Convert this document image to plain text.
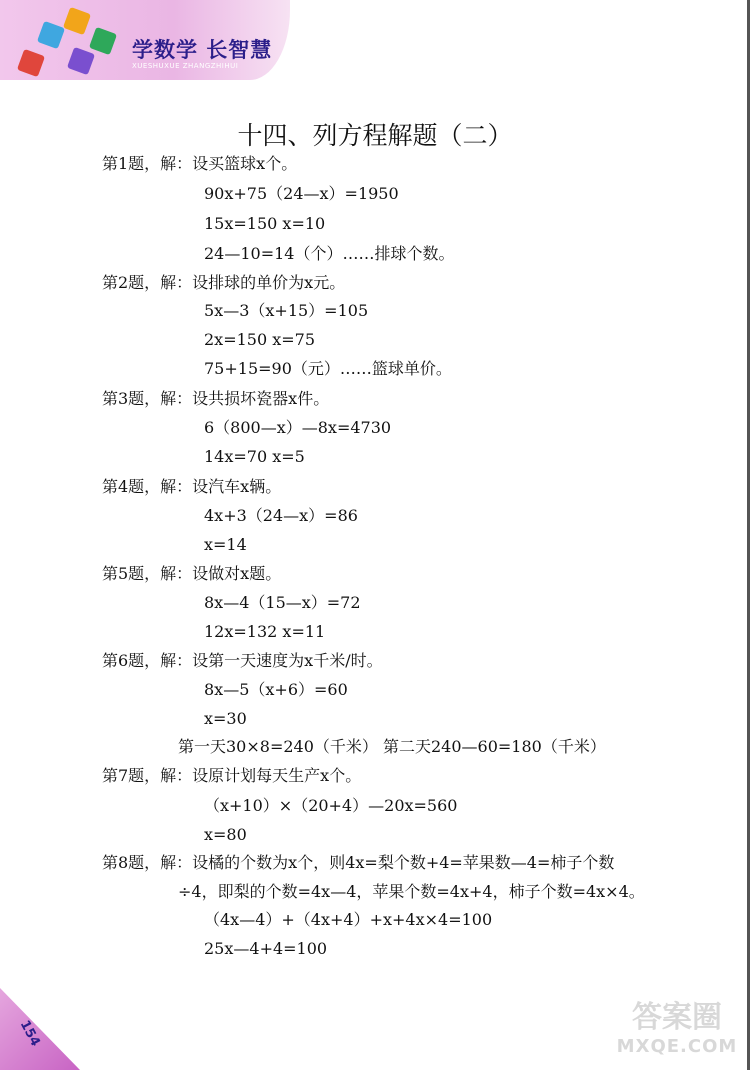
学数学 长智慧
XUESHUXUE ZHANGZHIHUI
十四、列方程解题（二）
第1题，解：设买篮球x个。
90x+75（24—x）=1950
15x=150 x=10
24—10=14（个）……排球个数。
第2题，解：设排球的单价为x元。
5x—3（x+15）=105
2x=150 x=75
75+15=90（元）……篮球单价。
第3题，解：设共损坏瓷器x件。
6（800—x）—8x=4730
14x=70 x=5
第4题，解：设汽车x辆。
4x+3（24—x）=86
x=14
第5题，解：设做对x题。
8x—4（15—x）=72
12x=132 x=11
第6题，解：设第一天速度为x千米/时。
8x—5（x+6）=60
x=30
第一天30×8=240（千米） 第二天240—60=180（千米）
第7题，解：设原计划每天生产x个。
（x+10）×（20+4）—20x=560
x=80
第8题，解：设橘的个数为x个，则4x=梨个数+4=苹果数—4=柿子个数
÷4，即梨的个数=4x—4，苹果个数=4x+4，柿子个数=4x×4。
（4x—4）+（4x+4）+x+4x×4=100
25x—4+4=100
154	答案圈
MXQE.COM
